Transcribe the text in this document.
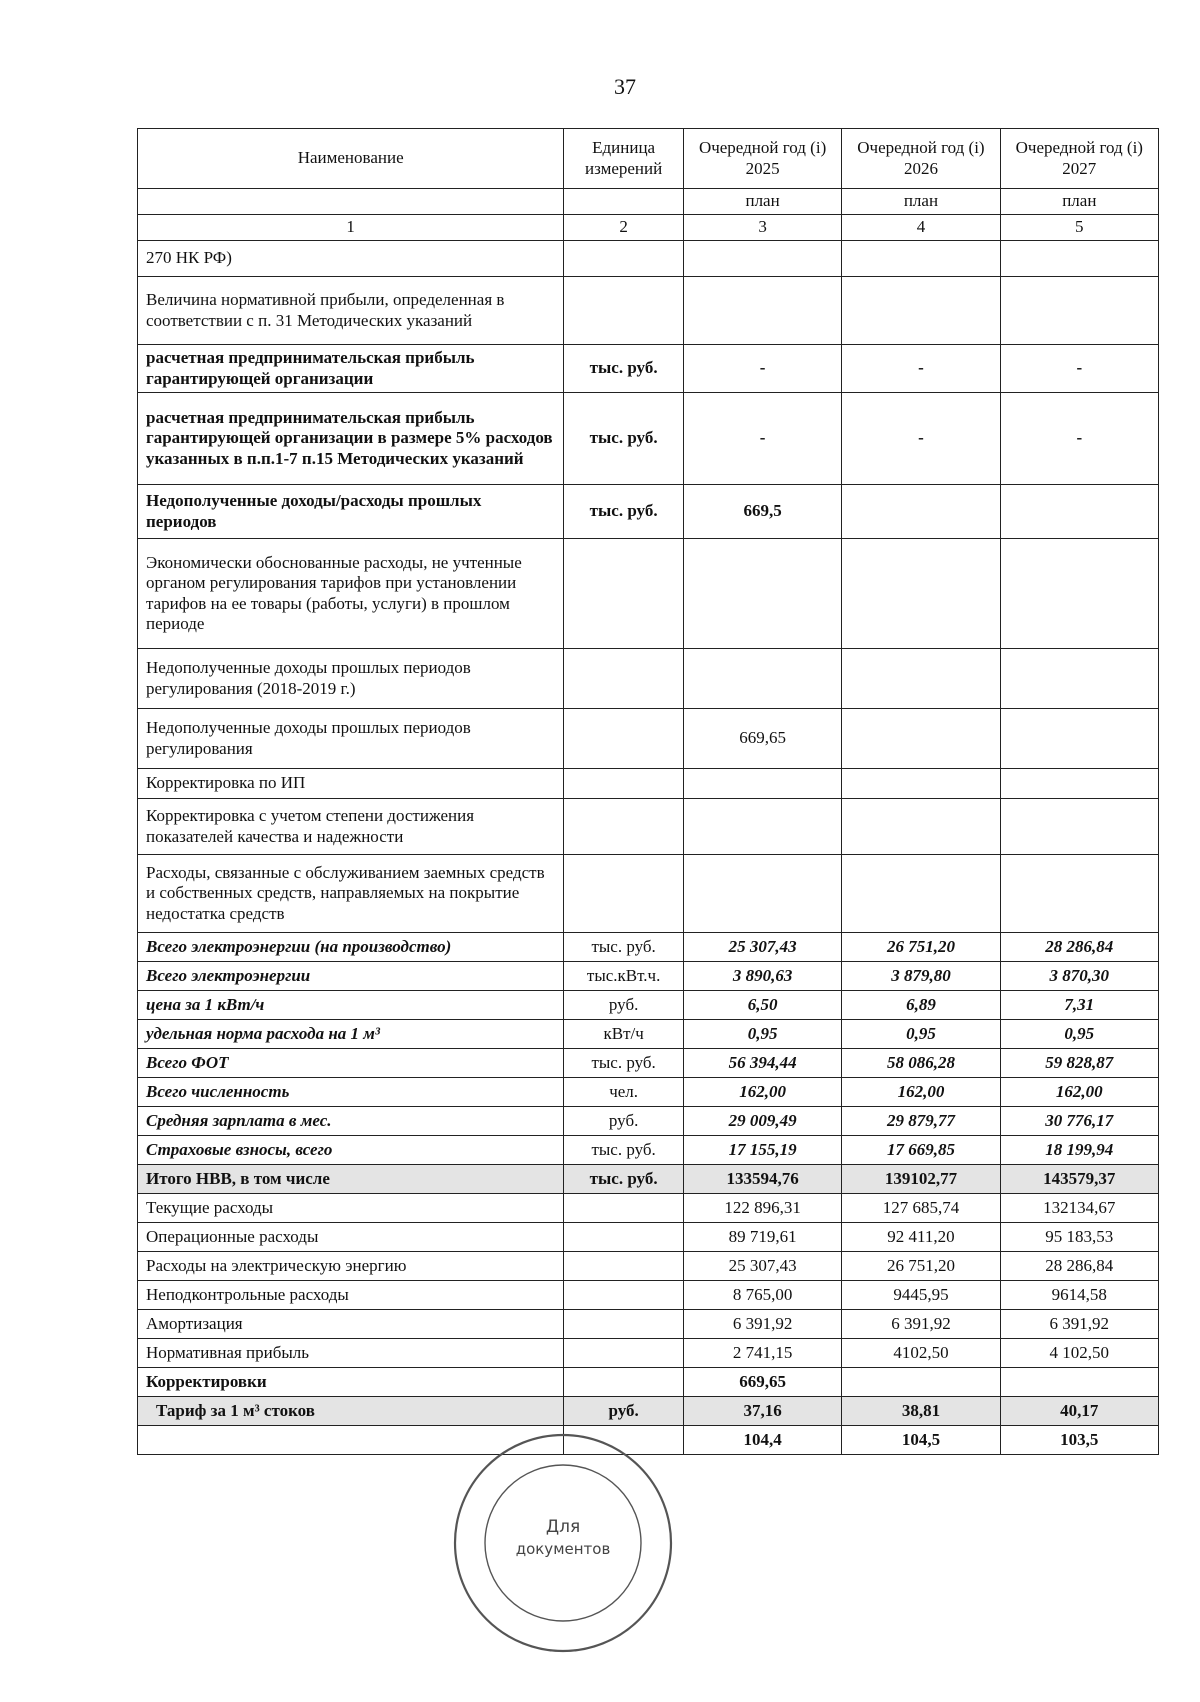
37
Наименование	Единица измерений	Очередной год (i) 2025	Очередной год (i) 2026	Очередной год (i) 2027
		план	план	план
1	2	3	4	5
270 НК РФ)				
Величина нормативной прибыли, определенная в соответствии с п. 31 Методических указаний				
расчетная предпринимательская прибыль гарантирующей организации	тыс. руб.	-	-	-
расчетная предпринимательская прибыль гарантирующей организации в размере 5% расходов указанных в п.п.1-7 п.15 Методических указаний	тыс. руб.	-	-	-
Недополученные доходы/расходы прошлых периодов	тыс. руб.	669,5		
Экономически обоснованные расходы, не учтенные органом регулирования тарифов при установлении тарифов на ее товары (работы, услуги) в прошлом периоде				
Недополученные доходы прошлых периодов регулирования (2018-2019 г.)				
Недополученные доходы прошлых периодов регулирования		669,65		
Корректировка по ИП				
Корректировка с учетом степени достижения показателей качества и надежности				
Расходы, связанные с обслуживанием заемных средств и собственных средств, направляемых на покрытие недостатка средств				
Всего электроэнергии (на производство)	тыс. руб.	25 307,43	26 751,20	28 286,84
Всего электроэнергии	тыс.кВт.ч.	3 890,63	3 879,80	3 870,30
цена за 1 кВт/ч	руб.	6,50	6,89	7,31
удельная норма расхода на 1 м³	кВт/ч	0,95	0,95	0,95
Всего ФОТ	тыс. руб.	56 394,44	58 086,28	59 828,87
Всего численность	чел.	162,00	162,00	162,00
Средняя зарплата в мес.	руб.	29 009,49	29 879,77	30 776,17
Страховые взносы, всего	тыс. руб.	17 155,19	17 669,85	18 199,94
Итого НВВ, в том числе	тыс. руб.	133594,76	139102,77	143579,37
Текущие расходы		122 896,31	127 685,74	132134,67
Операционные расходы		89 719,61	92 411,20	95 183,53
Расходы на электрическую энергию		25 307,43	26 751,20	28 286,84
Неподконтрольные расходы		8 765,00	9445,95	9614,58
Амортизация		6 391,92	6 391,92	6 391,92
Нормативная прибыль		2 741,15	4102,50	4 102,50
Корректировки		669,65		
Тариф за 1 м³ стоков	руб.	37,16	38,81	40,17
		104,4	104,5	103,5
Для
документов
